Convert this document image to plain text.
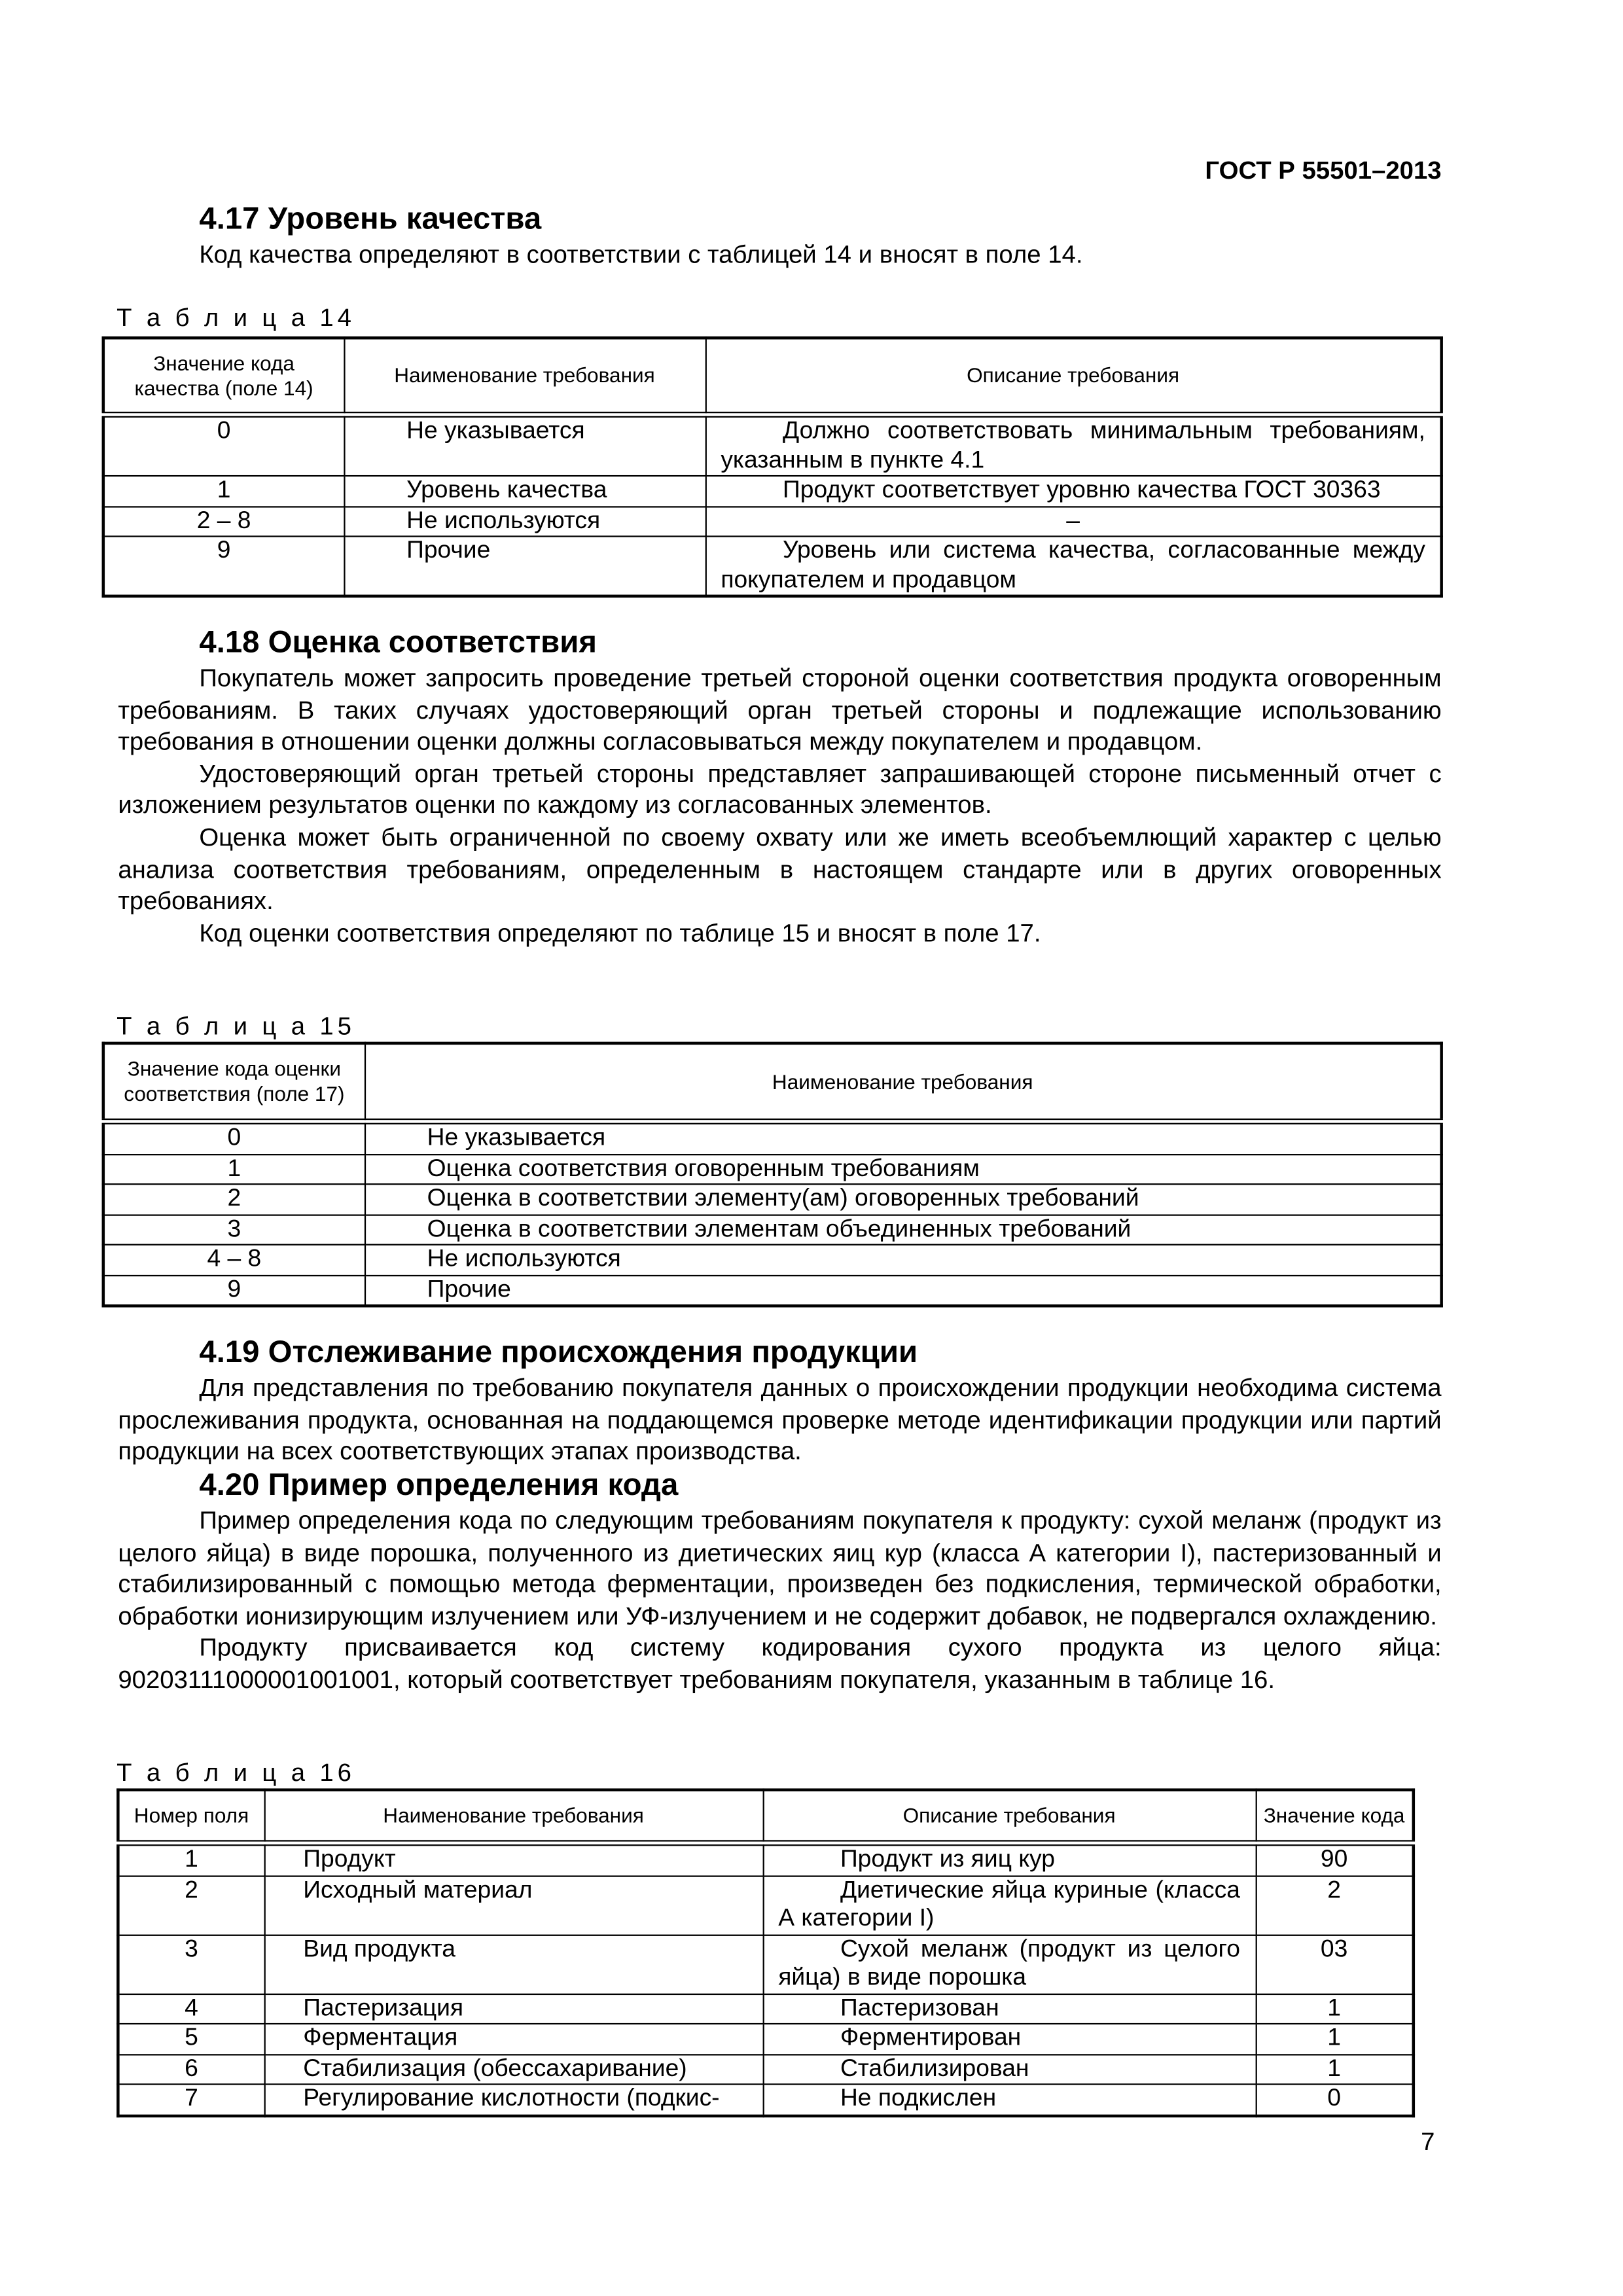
ГОСТ Р 55501–2013
4.17 Уровень качества
Код качества определяют в соответствии с таблицей 14 и вносят в поле 14.
Т а б л и ц а 14
Значение кода качества (поле 14)	Наименование требования	Описание требования
0	Не указывается	Должно соответствовать минимальным требованиям, указанным в пункте 4.1
1	Уровень качества	Продукт соответствует уровню качества ГОСТ 30363
2 – 8	Не используются	–
9	Прочие	Уровень или система качества, согласованные между покупателем и продавцом
4.18 Оценка соответствия
Покупатель может запросить проведение третьей стороной оценки соответствия продукта оговоренным требованиям. В таких случаях удостоверяющий орган третьей стороны и подлежащие использованию требования в отношении оценки должны согласовываться между покупателем и продавцом.
Удостоверяющий орган третьей стороны представляет запрашивающей стороне письменный отчет с изложением результатов оценки по каждому из согласованных элементов.
Оценка может быть ограниченной по своему охвату или же иметь всеобъемлющий характер с целью анализа соответствия требованиям, определенным в настоящем стандарте или в других оговоренных требованиях.
Код оценки соответствия определяют по таблице 15 и вносят в поле 17.
Т а б л и ц а 15
Значение кода оценки соответствия (поле 17)	Наименование требования
0	Не указывается
1	Оценка соответствия оговоренным требованиям
2	Оценка в соответствии элементу(ам) оговоренных требований
3	Оценка в соответствии элементам объединенных требований
4 – 8	Не используются
9	Прочие
4.19 Отслеживание происхождения продукции
Для представления по требованию покупателя данных о происхождении продукции необходима система прослеживания продукта, основанная на поддающемся проверке методе идентификации продукции или партий продукции на всех соответствующих этапах производства.
4.20 Пример определения кода
Пример определения кода по следующим требованиям покупателя к продукту: сухой меланж (продукт из целого яйца) в виде порошка, полученного из диетических яиц кур (класса А категории I), пастеризованный и стабилизированный с помощью метода ферментации, произведен без подкисления, термической обработки, обработки ионизирующим излучением или УФ-излучением и не содержит добавок, не подвергался охлаждению.
Продукту присваивается код систему кодирования сухого продукта из целого яйца: 90203111000001001001, который соответствует требованиям покупателя, указанным в таблице 16.
Т а б л и ц а 16
Номер поля	Наименование требования	Описание требования	Значение кода
1	Продукт	Продукт из яиц кур	90
2	Исходный материал	Диетические яйца куриные (класса А категории I)	2
3	Вид продукта	Сухой меланж (продукт из целого яйца) в виде порошка	03
4	Пастеризация	Пастеризован	1
5	Ферментация	Ферментирован	1
6	Стабилизация (обессахаривание)	Стабилизирован	1
7	Регулирование кислотности (подкис-	Не подкислен	0
7
